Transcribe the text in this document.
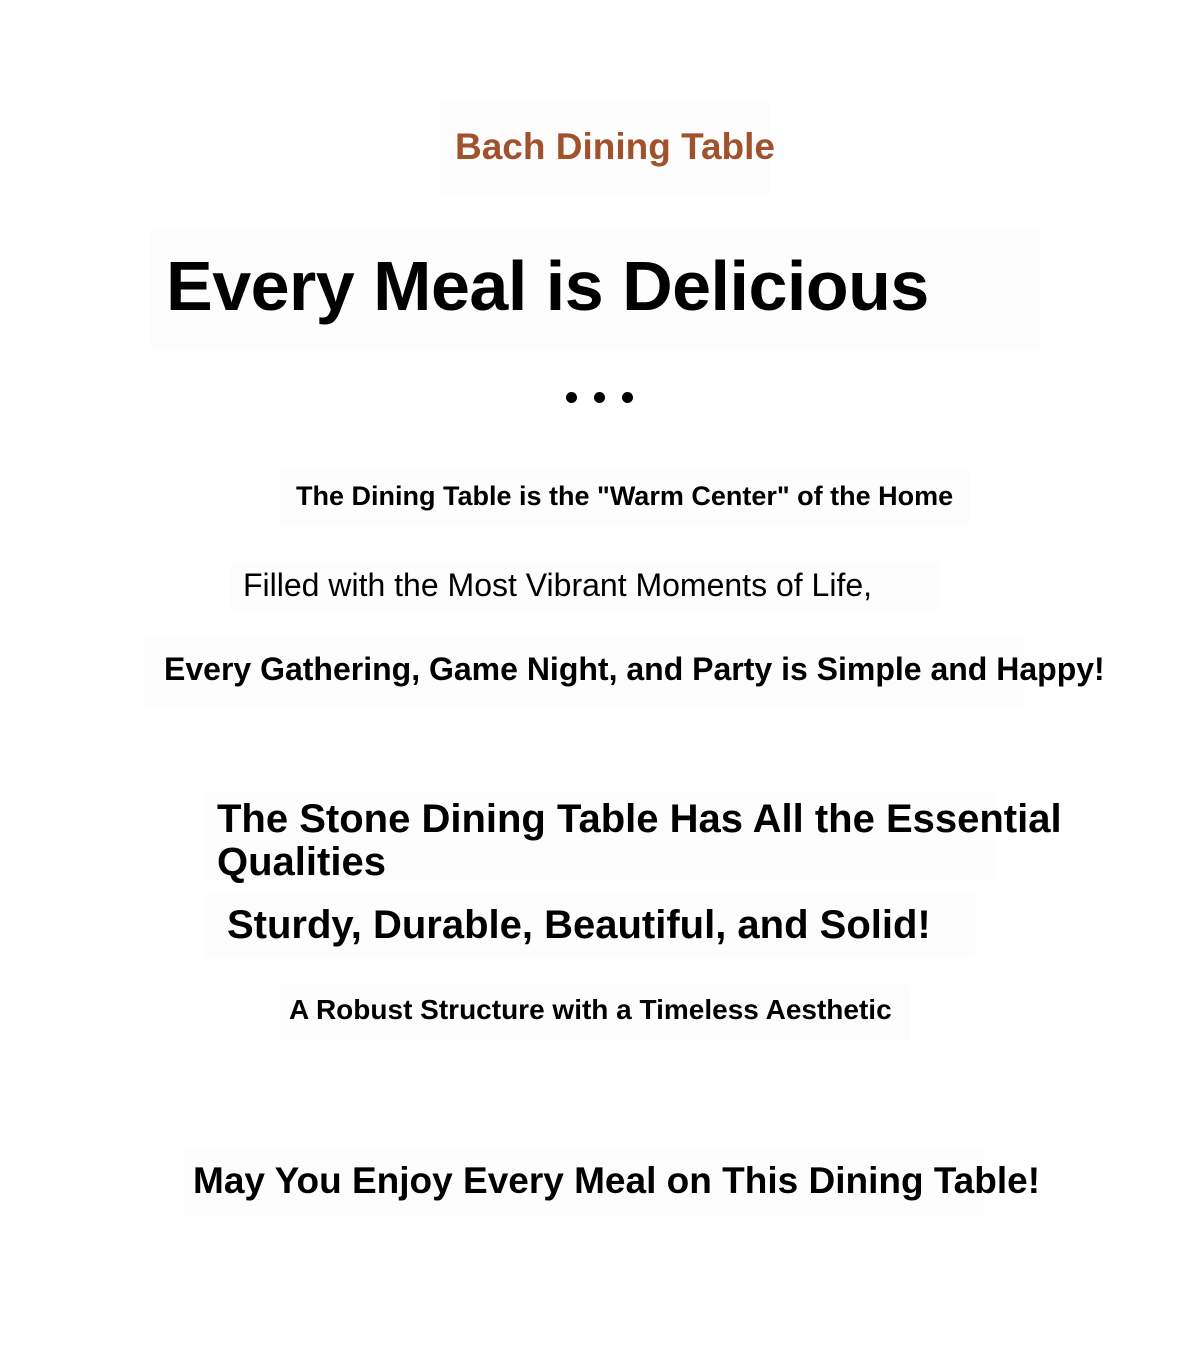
Bach Dining Table
Every Meal is Delicious
The Dining Table is the "Warm Center" of the Home
Filled with the Most Vibrant Moments of Life,
Every Gathering, Game Night, and Party is Simple and Happy!
The Stone Dining Table Has All the Essential Qualities
Sturdy, Durable, Beautiful, and Solid!
A Robust Structure with a Timeless Aesthetic
May You Enjoy Every Meal on This Dining Table!
